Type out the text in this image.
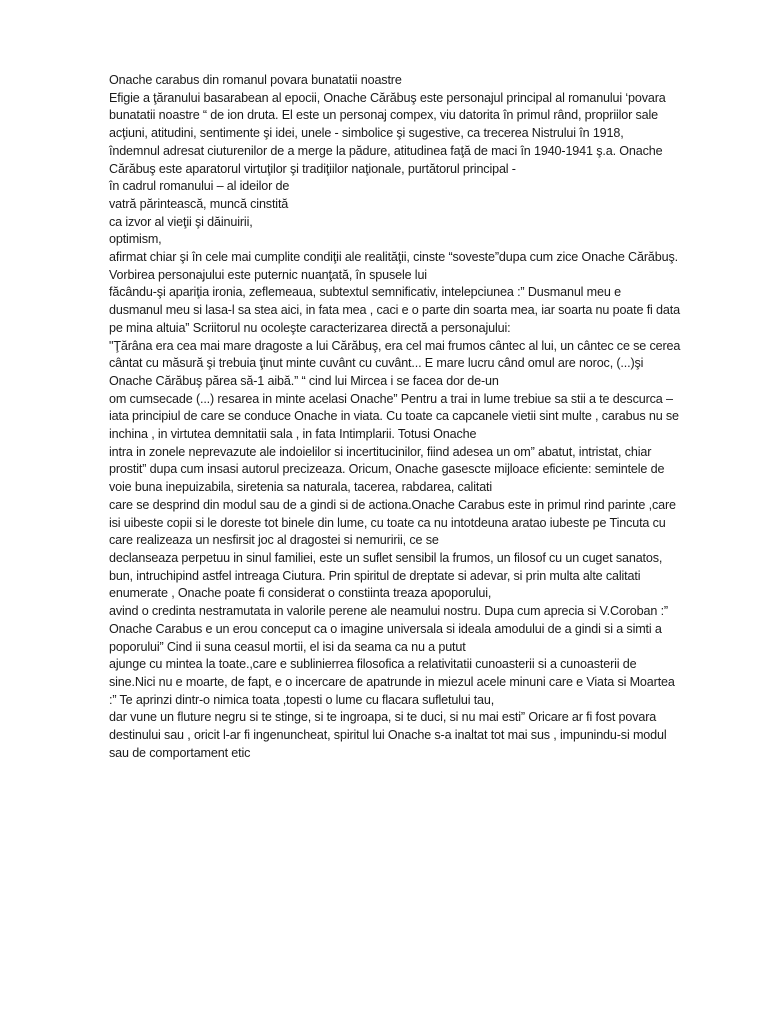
Onache carabus din romanul povara bunatatii noastre
Efigie a ţăranului basarabean al epocii, Onache Cărăbuş este personajul principal al romanului ‘povara
bunatatii noastre “ de ion druta. El este un personaj compex, viu datorita în primul rând, propriilor sale
acţiuni, atitudini, sentimente şi idei, unele - simbolice şi sugestive, ca trecerea Nistrului în 1918,
îndemnul adresat ciuturenilor de a merge la pădure, atitudinea faţă de maci în 1940-1941 ş.a. Onache
Cărăbuş este aparatorul virtuţilor şi tradiţiilor naţionale, purtătorul principal -
în cadrul romanului – al ideilor de
vatră părintească, muncă cinstită
ca izvor al vieţii şi dăinuirii,
optimism,
afirmat chiar şi în cele mai cumplite condiţii ale realităţii, cinste “soveste”dupa cum zice Onache Cărăbuş.
Vorbirea personajului este puternic nuanţată, în spusele lui
făcându-şi apariţia ironia, zeflemeaua, subtextul semnificativ, intelepciunea :” Dusmanul meu e
dusmanul meu si lasa-l sa stea aici, in fata mea , caci e o parte din soarta mea, iar soarta nu poate fi data
pe mina altuia” Scriitorul nu ocoleşte caracterizarea directă a personajului:
"Ţărâna era cea mai mare dragoste a lui Cărăbuş, era cel mai frumos cântec al lui, un cântec ce se cerea
cântat cu măsură şi trebuia ţinut minte cuvânt cu cuvânt... E mare lucru când omul are noroc, (...)şi
Onache Cărăbuş părea să-1 aibă.” “ cind lui Mircea i se facea dor de-un
om cumsecade (...) resarea in minte acelasi Onache” Pentru a trai in lume trebiue sa stii a te descurca –
iata principiul de care se conduce Onache in viata. Cu toate ca capcanele vietii sint multe , carabus nu se
inchina , in virtutea demnitatii sala , in fata Intimplarii. Totusi Onache
intra in zonele neprevazute ale indoielilor si incertitucinilor, fiind adesea un om” abatut, intristat, chiar
prostit” dupa cum insasi autorul precizeaza. Oricum, Onache gasescte mijloace eficiente: semintele de
voie buna inepuizabila, siretenia sa naturala, tacerea, rabdarea, calitati
care se desprind din modul sau de a gindi si de actiona.Onache Carabus este in primul rind parinte ,care
isi uibeste copii si le doreste tot binele din lume, cu toate ca nu intotdeuna aratao iubeste pe Tincuta cu
care realizeaza un nesfirsit joc al dragostei si nemuririi, ce se
declanseaza perpetuu in sinul familiei, este un suflet sensibil la frumos, un filosof cu un cuget sanatos,
bun, intruchipind astfel intreaga Ciutura. Prin spiritul de dreptate si adevar, si prin multa alte calitati
enumerate , Onache poate fi considerat o constiinta treaza apoporului,
avind o credinta nestramutata in valorile perene ale neamului nostru. Dupa cum aprecia si V.Coroban :”
Onache Carabus e un erou conceput ca o imagine universala si ideala amodului de a gindi si a simti a
poporului” Cind ii suna ceasul mortii, el isi da seama ca nu a putut
ajunge cu mintea la toate.,care e sublinierrea filosofica a relativitatii cunoasterii si a cunoasterii de
sine.Nici nu e moarte, de fapt, e o incercare de apatrunde in miezul acele minuni care e Viata si Moartea
:” Te aprinzi dintr-o nimica toata ,topesti o lume cu flacara sufletului tau,
dar vune un fluture negru si te stinge, si te ingroapa, si te duci, si nu mai esti” Oricare ar fi fost povara
destinului sau , oricit l-ar fi ingenuncheat, spiritul lui Onache s-a inaltat tot mai sus , impunindu-si modul
sau de comportament etic
